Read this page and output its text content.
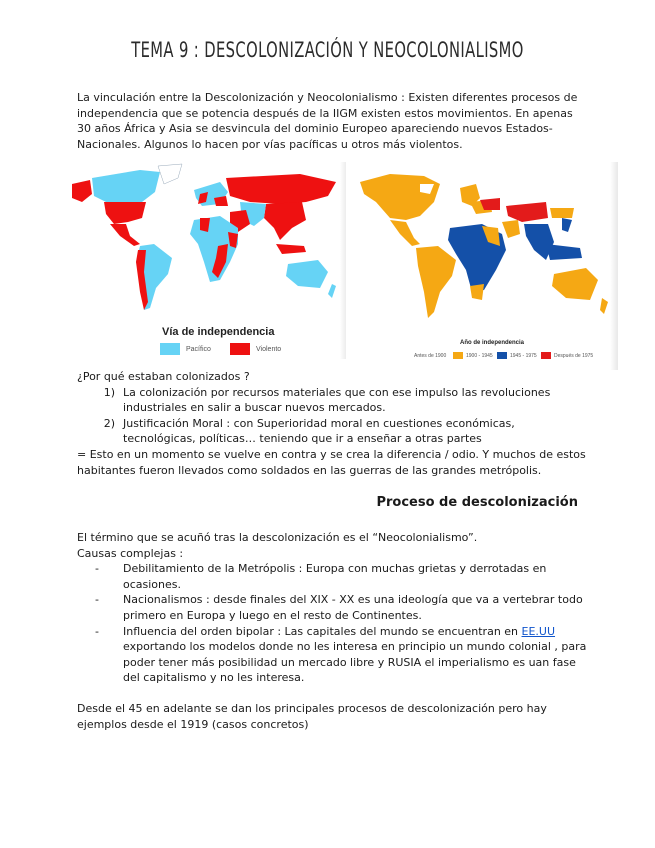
TEMA 9 : DESCOLONIZACIÓN Y NEOCOLONIALISMO
La vinculación entre la Descolonización y Neocolonialismo : Existen diferentes procesos de independencia que se potencia después de la IIGM existen estos movimientos. En apenas 30 años África y Asia se desvincula del dominio Europeo apareciendo nuevos Estados-Nacionales. Algunos lo hacen por vías pacíficas u otros más violentos.
Vía de independencia
Pacífico	Violento
Año de independencia
Antes de 1900	1900 - 1945	1945 - 1975	Después de 1975
¿Por qué estaban colonizados ?
1) La colonización por recursos materiales que con ese impulso las revoluciones industriales en salir a buscar nuevos mercados.
2) Justificación Moral : con Superioridad moral en cuestiones económicas, tecnológicas, políticas… teniendo que ir a enseñar a otras partes
= Esto en un momento se vuelve en contra y se crea la diferencia / odio. Y muchos de estos habitantes fueron llevados como soldados en las guerras de las grandes metrópolis.
Proceso de descolonización
El término que se acuñó tras la descolonización es el “Neocolonialismo”.
Causas complejas :
-	Debilitamiento de la Metrópolis : Europa con muchas grietas y derrotadas en ocasiones.
-	Nacionalismos : desde finales del XIX - XX es una ideología que va a vertebrar todo primero en Europa y luego en el resto de Continentes.
-	Influencia del orden bipolar : Las capitales del mundo se encuentran en EE.UU exportando los modelos donde no les interesa en principio un mundo colonial , para poder tener más posibilidad un mercado libre y RUSIA el imperialismo es uan fase del capitalismo y no les interesa.
Desde el 45 en adelante se dan los principales procesos de descolonización pero hay ejemplos desde el 1919 (casos concretos)
